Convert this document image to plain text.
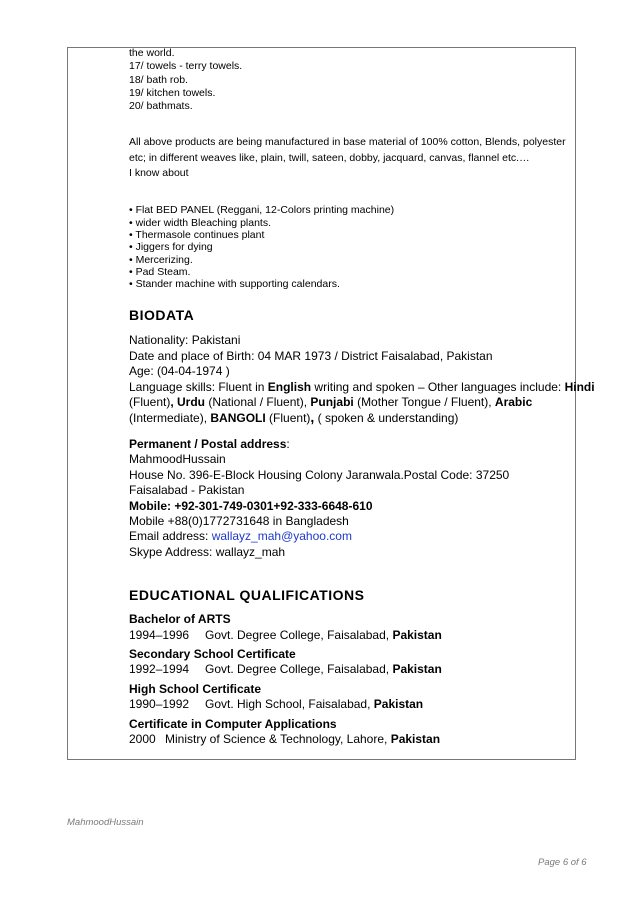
the world.

17/ towels - terry towels.

18/ bath rob.

19/ kitchen towels.

20/ bathmats.

All above products are being manufactured in base material of 100% cotton, Blends, polyester

etc; in different weaves like, plain, twill, sateen, dobby, jacquard, canvas, flannel etc.…

I know about

• Flat BED PANEL (Reggani, 12-Colors printing machine)

• wider width Bleaching plants.

• Thermasole continues plant

• Jiggers for dying

• Mercerizing.

• Pad Steam.

• Stander machine with supporting calendars.

BIODATA

Nationality: Pakistani

Date and place of Birth: 04 MAR 1973 / District Faisalabad, Pakistan

Age: (04-04-1974 )

Language skills: Fluent in English writing and spoken – Other languages include: Hindi

(Fluent), Urdu (National / Fluent), Punjabi (Mother Tongue / Fluent), Arabic

(Intermediate), BANGOLI (Fluent), ( spoken & understanding)

Permanent / Postal address:

MahmoodHussain

House No. 396-E-Block Housing Colony Jaranwala.Postal Code: 37250

Faisalabad - Pakistan

Mobile: +92-301-749-0301+92-333-6648-610

Mobile +88(0)1772731648 in Bangladesh

Email address: wallayz_mah@yahoo.com

Skype Address: wallayz_mah

EDUCATIONAL QUALIFICATIONS

Bachelor of ARTS

1994–1996 Govt. Degree College, Faisalabad, Pakistan

Secondary School Certificate

1992–1994 Govt. Degree College, Faisalabad, Pakistan

High School Certificate

1990–1992 Govt. High School, Faisalabad, Pakistan

Certificate in Computer Applications

2000 Ministry of Science & Technology, Lahore, Pakistan

MahmoodHussain
Page 6 of 6
